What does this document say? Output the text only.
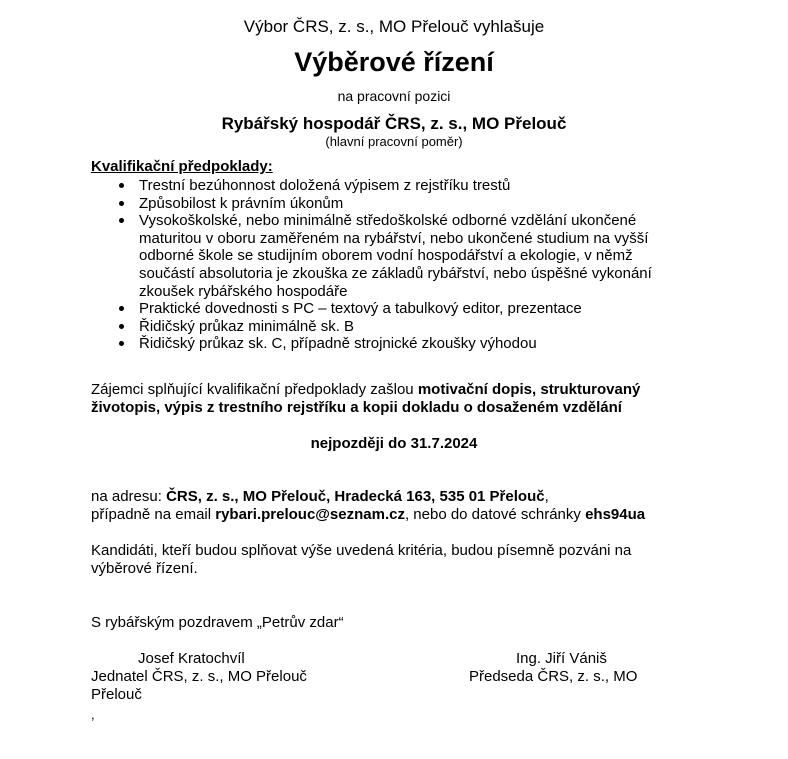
Výbor ČRS, z. s., MO Přelouč vyhlašuje
Výběrové řízení
na pracovní pozici
Rybářský hospodář ČRS, z. s., MO Přelouč
(hlavní pracovní poměr)
Kvalifikační předpoklady:
Trestní bezúhonnost doložená výpisem z rejstříku trestů
Způsobilost k právním úkonům
Vysokoškolské, nebo minimálně středoškolské odborné vzdělání ukončené
maturitou v oboru zaměřeném na rybářství, nebo ukončené studium na vyšší
odborné škole se studijním oborem vodní hospodářství a ekologie, v němž
součástí absolutoria je zkouška ze základů rybářství, nebo úspěšné vykonání
zkoušek rybářského hospodáře
Praktické dovednosti s PC – textový a tabulkový editor, prezentace
Řidičský průkaz minimálně sk. B
Řidičský průkaz sk. C, případně strojnické zkoušky výhodou
Zájemci splňující kvalifikační předpoklady zašlou motivační dopis, strukturovaný
životopis, výpis z trestního rejstříku a kopii dokladu o dosaženém vzdělání
nejpozději do 31.7.2024
na adresu: ČRS, z. s., MO Přelouč, Hradecká 163, 535 01 Přelouč,
případně na email rybari.prelouc@seznam.cz, nebo do datové schránky ehs94ua
Kandidáti, kteří budou splňovat výše uvedená kritéria, budou písemně pozváni na
výběrové řízení.
S rybářským pozdravem „Petrův zdar“
Josef Kratochvíl
Jednatel ČRS, z. s., MO Přelouč
Přelouč
Ing. Jiří Vániš
Předseda ČRS, z. s., MO
,
